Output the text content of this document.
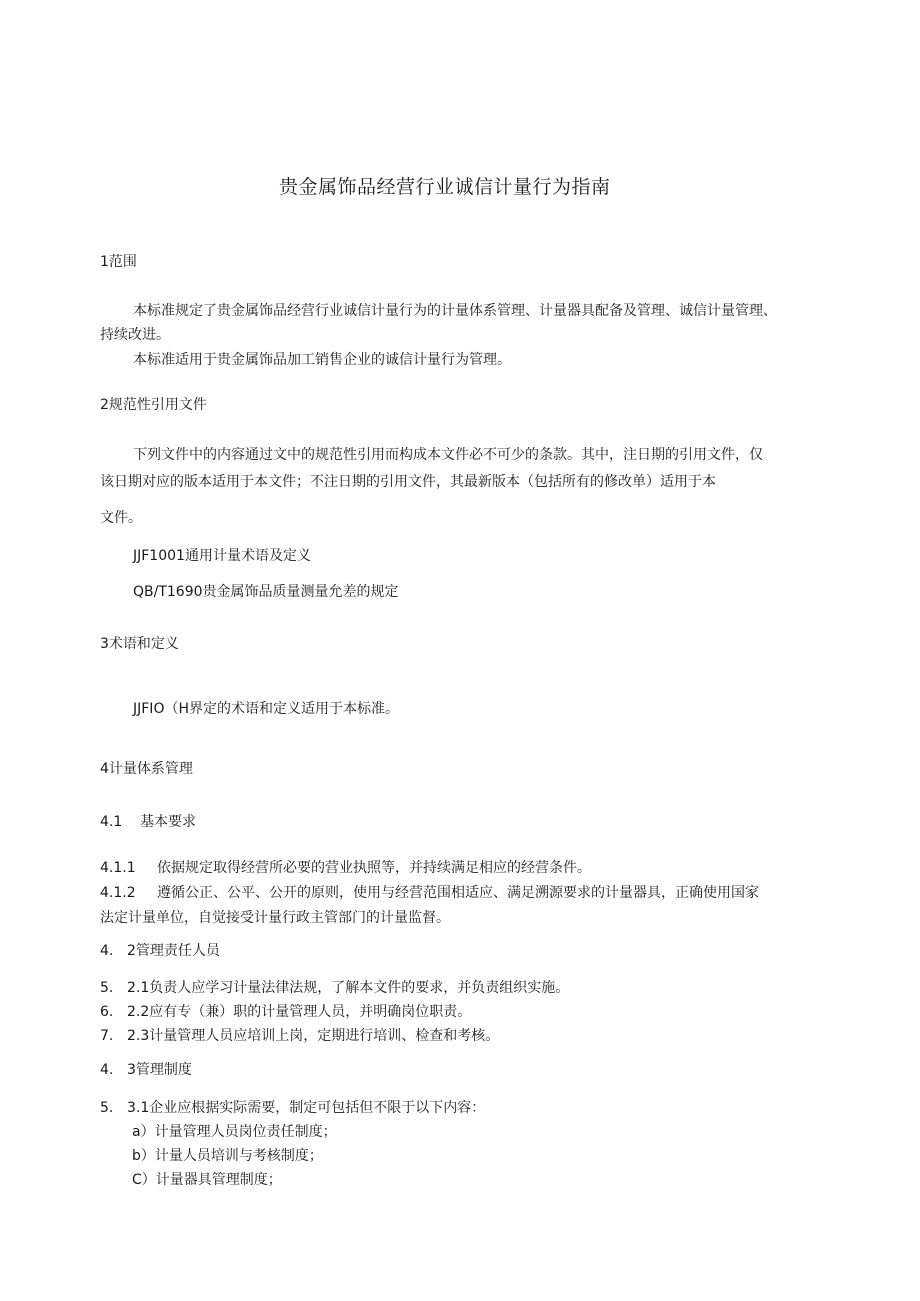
贵金属饰品经营行业诚信计量行为指南
1范围
本标准规定了贵金属饰品经营行业诚信计量行为的计量体系管理、计量器具配备及管理、诚信计量管理、
持续改进。
本标准适用于贵金属饰品加工销售企业的诚信计量行为管理。
2规范性引用文件
下列文件中的内容通过文中的规范性引用而构成本文件必不可少的条款。其中，注日期的引用文件，仅
该日期对应的版本适用于本文件；不注日期的引用文件，其最新版本（包括所有的修改单）适用于本
文件。
JJF1001通用计量术语及定义
QB/T1690贵金属饰品质量测量允差的规定
3术语和定义
JJFIO（H界定的术语和定义适用于本标准。
4计量体系管理
4.1 基本要求
4.1.1 依据规定取得经营所必要的营业执照等，并持续满足相应的经营条件。
4.1.2 遵循公正、公平、公开的原则，使用与经营范围相适应、满足溯源要求的计量器具，正确使用国家
法定计量单位，自觉接受计量行政主管部门的计量监督。
4. 2管理责任人员
5. 2.1负责人应学习计量法律法规，了解本文件的要求，并负责组织实施。
6. 2.2应有专（兼）职的计量管理人员，并明确岗位职责。
7. 2.3计量管理人员应培训上岗，定期进行培训、检查和考核。
4. 3管理制度
5. 3.1企业应根据实际需要，制定可包括但不限于以下内容：
a）计量管理人员岗位责任制度；
b）计量人员培训与考核制度；
C）计量器具管理制度；
